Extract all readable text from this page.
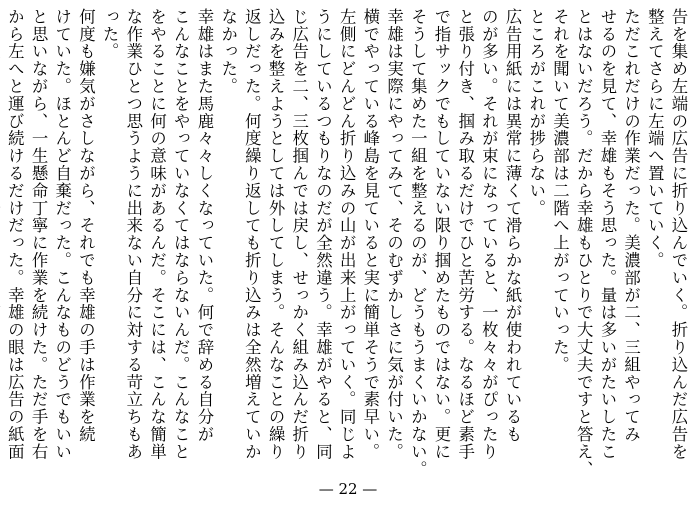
告を集め左端の広告に折り込んでいく。折り込んだ広告を
整えてさらに左端へ置いていく。
ただこれだけの作業だった。美濃部が二、三組やってみ
せるのを見て、幸雄もそう思った。量は多いがたいしたこ
とはないだろう。だから幸雄もひとりで大丈夫ですと答え、
それを聞いて美濃部は二階へ上がっていった。
ところがこれが捗らない。
広告用紙には異常に薄くて滑らかな紙が使われているも
のが多い。それが束になっていると、一枚々々がぴったり
と張り付き、掴み取るだけでひと苦労する。なるほど素手
で指サックでもしていない限り掴めたものではない。更に
そうして集めた一組を整えるのが、どうもうまくいかない。
幸雄は実際にやってみて、そのむずかしさに気が付いた。
横でやっている峰島を見ていると実に簡単そうで素早い。
左側にどんどん折り込みの山が出来上がっていく。同じよ
うにしているつもりなのだが全然違う。幸雄がやると、同
じ広告を二、三枚掴んでは戻し、せっかく組み込んだ折り
込みを整えようとしては外してしまう。そんなことの繰り
返しだった。何度繰り返しても折り込みは全然増えていか
なかった。
幸雄はまた馬鹿々々しくなっていた。何で辞める自分が
こんなことをやっていなくてはならないんだ。こんなこと
をやることに何の意味があるんだ。そこには、こんな簡単
な作業ひとつ思うように出来ない自分に対する苛立ちもあ
った。
何度も嫌気がさしながら、それでも幸雄の手は作業を続
けていた。ほとんど自棄だった。こんなものどうでもいい
と思いながら、一生懸命丁寧に作業を続けた。ただ手を右
から左へと運び続けるだけだった。幸雄の眼は広告の紙面
— 22 —
